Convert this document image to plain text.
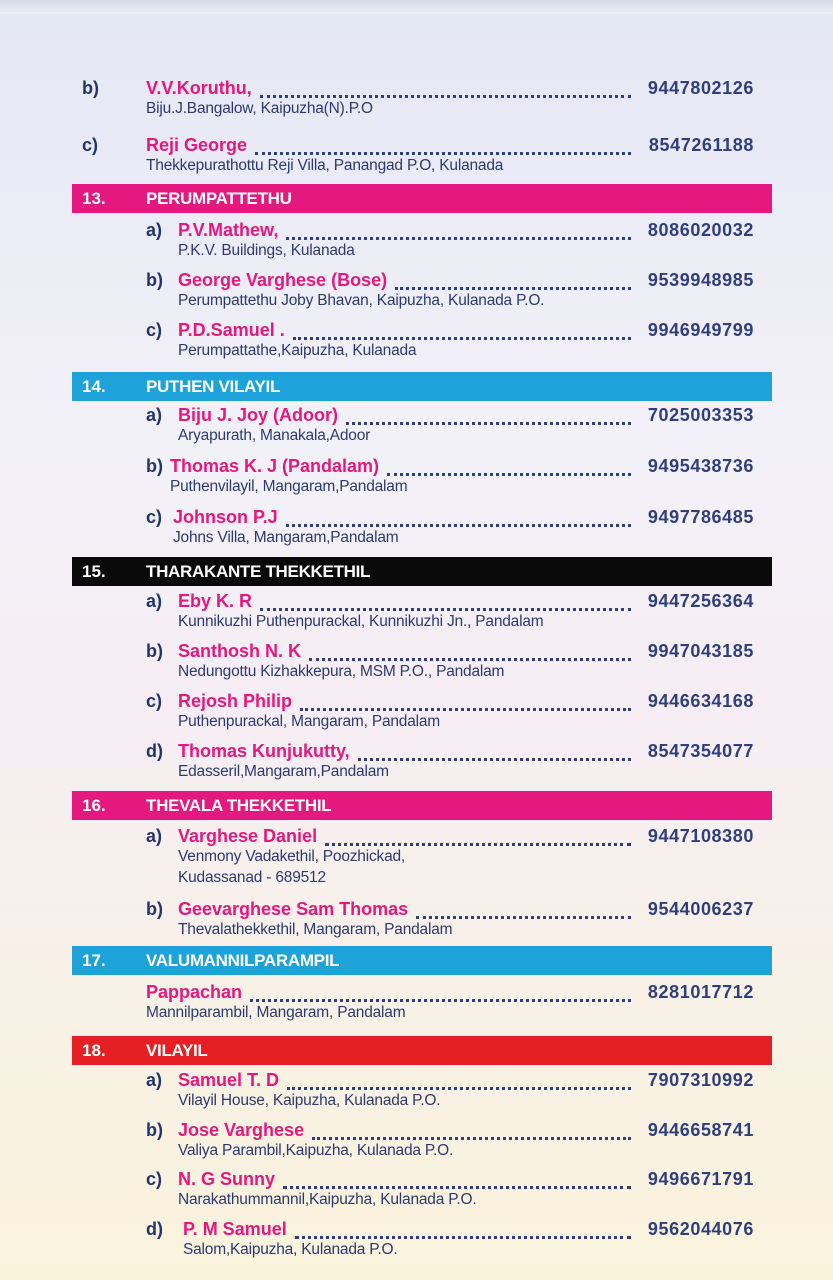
b)	V.V.Koruthu,	9447802126
Biju.J.Bangalow, Kaipuzha(N).P.O
c)	Reji George	8547261188
Thekkepurathottu Reji Villa, Panangad P.O, Kulanada
13. PERUMPATTETHU
a) P.V.Mathew,	8086020032
P.K.V. Buildings, Kulanada
b) George Varghese (Bose)	9539948985
Perumpattethu Joby Bhavan, Kaipuzha, Kulanada P.O.
c) P.D.Samuel .	9946949799
Perumpattathe,Kaipuzha, Kulanada
14. PUTHEN VILAYIL
a) Biju J. Joy (Adoor)	7025003353
Aryapurath, Manakala,Adoor
b) Thomas K. J (Pandalam)	9495438736
Puthenvilayil, Mangaram,Pandalam
c) Johnson P.J	9497786485
Johns Villa, Mangaram,Pandalam
15. THARAKANTE THEKKETHIL
a) Eby K. R	9447256364
Kunnikuzhi Puthenpurackal, Kunnikuzhi Jn., Pandalam
b) Santhosh N. K	9947043185
Nedungottu Kizhakkepura, MSM P.O., Pandalam
c) Rejosh Philip	9446634168
Puthenpurackal, Mangaram, Pandalam
d) Thomas Kunjukutty,	8547354077
Edasseril,Mangaram,Pandalam
16. THEVALA THEKKETHIL
a) Varghese Daniel	9447108380
Venmony Vadakethil, Poozhickad,
Kudassanad - 689512
b) Geevarghese Sam Thomas	9544006237
Thevalathekkethil, Mangaram, Pandalam
17. VALUMANNILPARAMPIL
Pappachan	8281017712
Mannilparambil, Mangaram, Pandalam
18. VILAYIL
a) Samuel T. D	7907310992
Vilayil House, Kaipuzha, Kulanada P.O.
b) Jose Varghese	9446658741
Valiya Parambil,Kaipuzha, Kulanada P.O.
c) N. G Sunny	9496671791
Narakathummannil,Kaipuzha, Kulanada P.O.
d) P. M Samuel	9562044076
Salom,Kaipuzha, Kulanada P.O.
